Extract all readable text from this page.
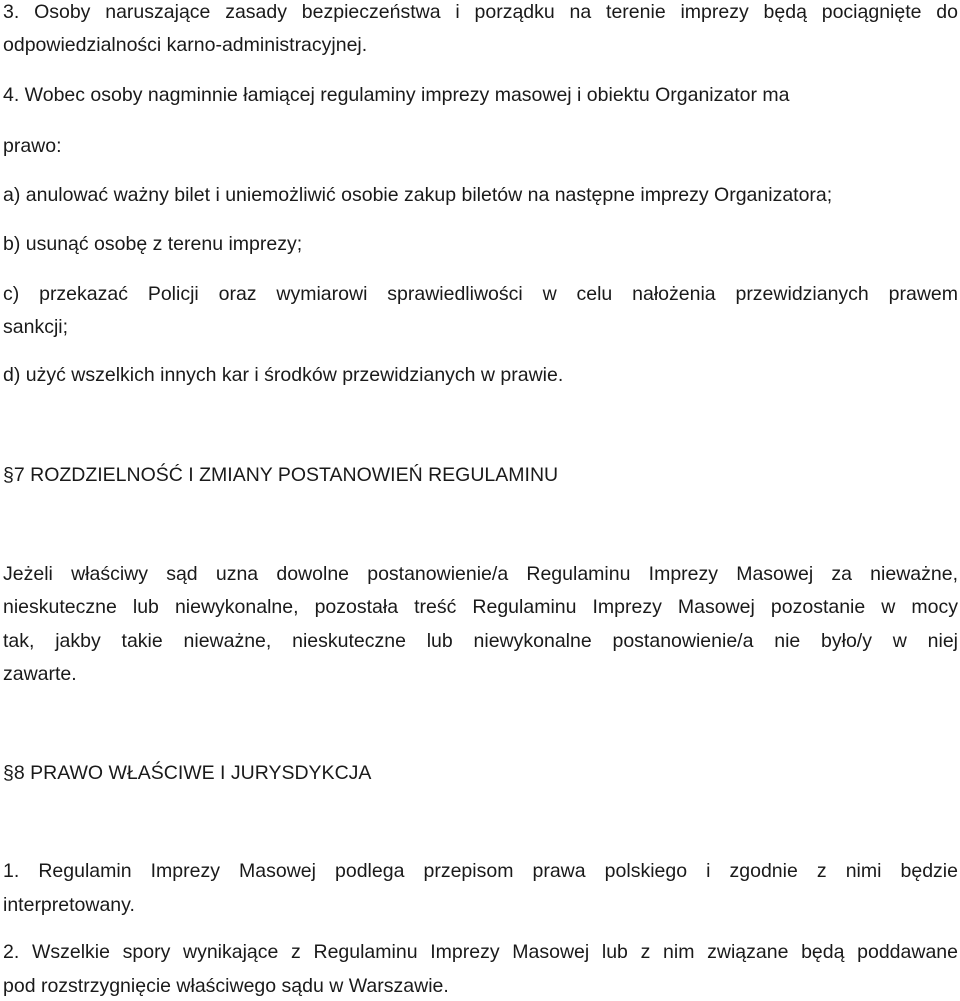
3. Osoby naruszające zasady bezpieczeństwa i porządku na terenie imprezy będą pociągnięte do
odpowiedzialności karno-administracyjnej.
4. Wobec osoby nagminnie łamiącej regulaminy imprezy masowej i obiektu Organizator ma
prawo:
a) anulować ważny bilet i uniemożliwić osobie zakup biletów na następne imprezy Organizatora;
b) usunąć osobę z terenu imprezy;
c) przekazać Policji oraz wymiarowi sprawiedliwości w celu nałożenia przewidzianych prawem
sankcji;
d) użyć wszelkich innych kar i środków przewidzianych w prawie.
§7 ROZDZIELNOŚĆ I ZMIANY POSTANOWIEŃ REGULAMINU
Jeżeli właściwy sąd uzna dowolne postanowienie/a Regulaminu Imprezy Masowej za nieważne,
nieskuteczne lub niewykonalne, pozostała treść Regulaminu Imprezy Masowej pozostanie w mocy
tak, jakby takie nieważne, nieskuteczne lub niewykonalne postanowienie/a nie było/y w niej
zawarte.
§8 PRAWO WŁAŚCIWE I JURYSDYKCJA
1. Regulamin Imprezy Masowej podlega przepisom prawa polskiego i zgodnie z nimi będzie
interpretowany.
2. Wszelkie spory wynikające z Regulaminu Imprezy Masowej lub z nim związane będą poddawane
pod rozstrzygnięcie właściwego sądu w Warszawie.
